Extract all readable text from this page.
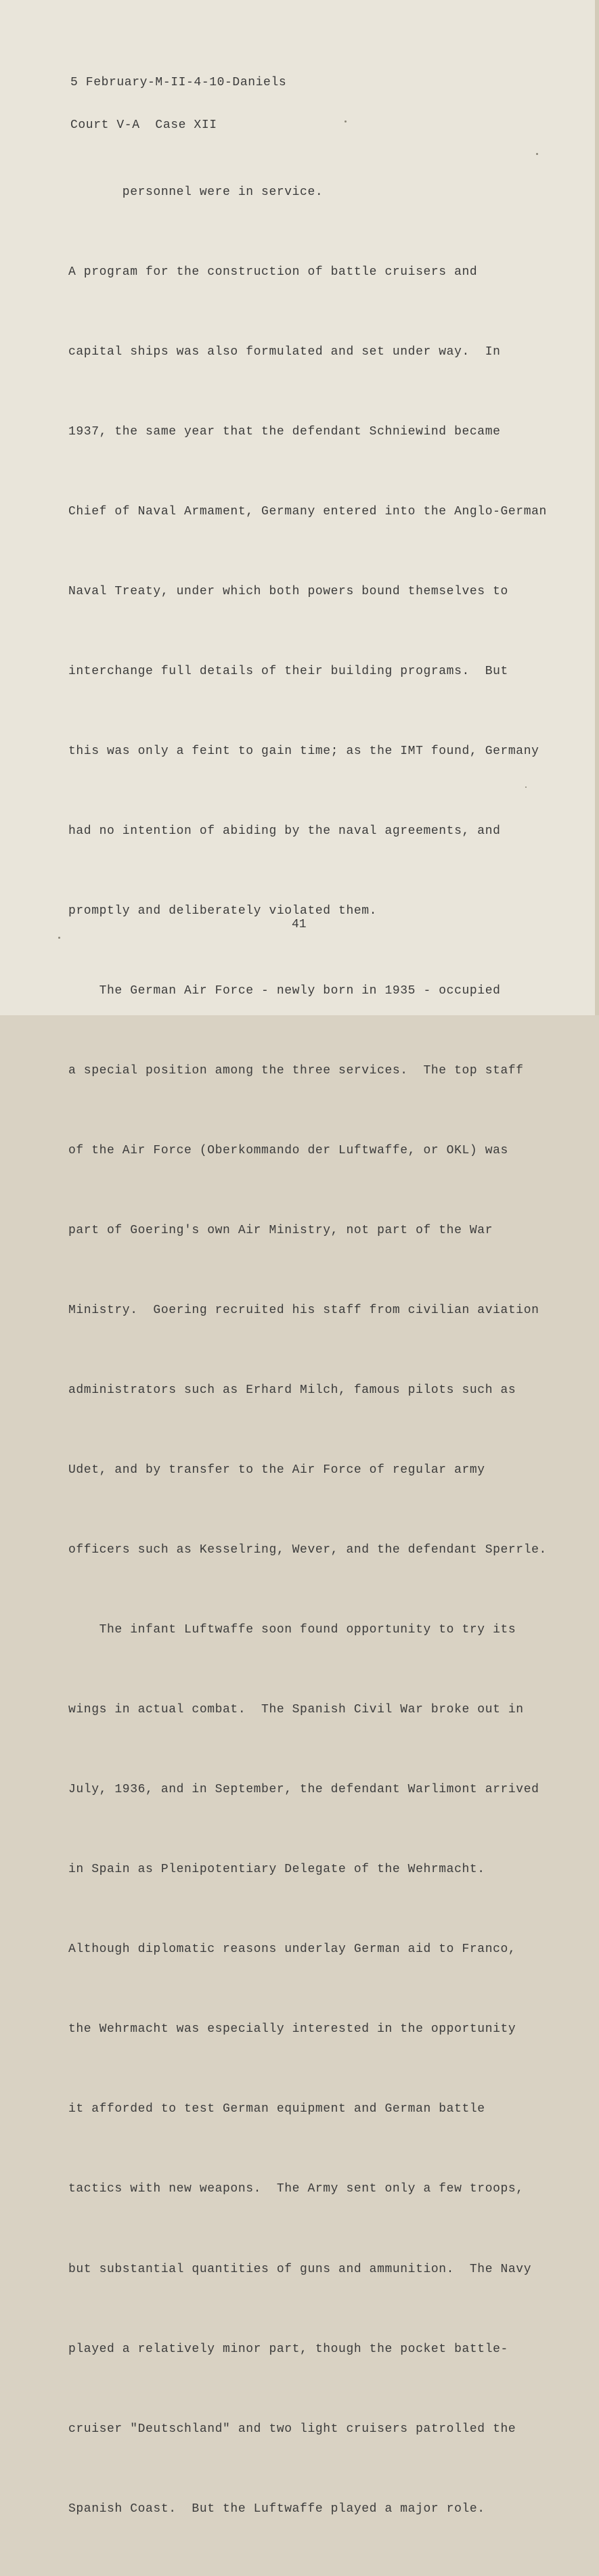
5 February-M-II-4-10-Daniels

Court V-A  Case XII

personnel were in service.

A program for the construction of battle cruisers and

capital ships was also formulated and set under way.  In

1937, the same year that the defendant Schniewind became

Chief of Naval Armament, Germany entered into the Anglo-German

Naval Treaty, under which both powers bound themselves to

interchange full details of their building programs.  But

this was only a feint to gain time; as the IMT found, Germany

had no intention of abiding by the naval agreements, and

promptly and deliberately violated them.

The German Air Force - newly born in 1935 - occupied

a special position among the three services.  The top staff

of the Air Force (Oberkommando der Luftwaffe, or OKL) was

part of Goering's own Air Ministry, not part of the War

Ministry.  Goering recruited his staff from civilian aviation

administrators such as Erhard Milch, famous pilots such as

Udet, and by transfer to the Air Force of regular army

officers such as Kesselring, Wever, and the defendant Sperrle.

The infant Luftwaffe soon found opportunity to try its

wings in actual combat.  The Spanish Civil War broke out in

July, 1936, and in September, the defendant Warlimont arrived

in Spain as Plenipotentiary Delegate of the Wehrmacht.

Although diplomatic reasons underlay German aid to Franco,

the Wehrmacht was especially interested in the opportunity

it afforded to test German equipment and German battle

tactics with new weapons.  The Army sent only a few troops,

but substantial quantities of guns and ammunition.  The Navy

played a relatively minor part, though the pocket battle-

cruiser "Deutschland" and two light cruisers patrolled the

Spanish Coast.  But the Luftwaffe played a major role.

41
